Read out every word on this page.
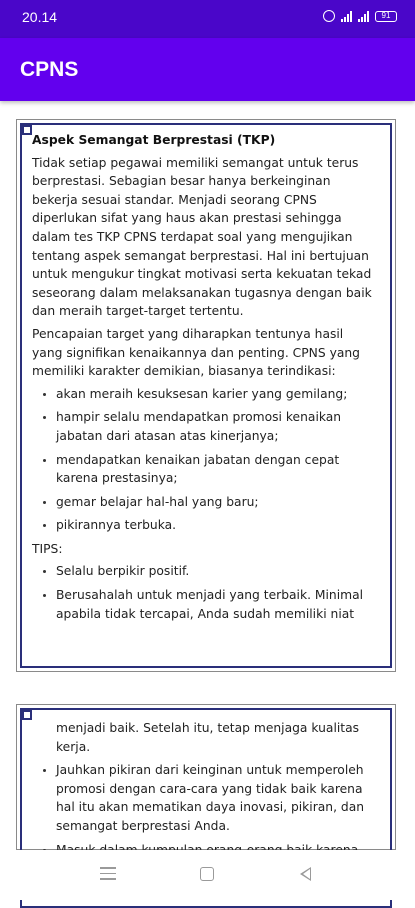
20.14	91
CPNS

Aspek Semangat Berprestasi (TKP)

Tidak setiap pegawai memiliki semangat untuk terus berprestasi. Sebagian besar hanya berkeinginan bekerja sesuai standar. Menjadi seorang CPNS diperlukan sifat yang haus akan prestasi sehingga dalam tes TKP CPNS terdapat soal yang mengujikan tentang aspek semangat berprestasi. Hal ini bertujuan untuk mengukur tingkat motivasi serta kekuatan tekad seseorang dalam melaksanakan tugasnya dengan baik dan meraih target-target tertentu.

Pencapaian target yang diharapkan tentunya hasil yang signifikan kenaikannya dan penting. CPNS yang memiliki karakter demikian, biasanya terindikasi:

akan meraih kesuksesan karier yang gemilang;
hampir selalu mendapatkan promosi kenaikan jabatan dari atasan atas kinerjanya;
mendapatkan kenaikan jabatan dengan cepat karena prestasinya;
gemar belajar hal-hal yang baru;
pikirannya terbuka.

TIPS:

Selalu berpikir positif.
Berusahalah untuk menjadi yang terbaik. Minimal apabila tidak tercapai, Anda sudah memiliki niat

menjadi baik. Setelah itu, tetap menjaga kualitas kerja.

Jauhkan pikiran dari keinginan untuk memperoleh promosi dengan cara-cara yang tidak baik karena hal itu akan mematikan daya inovasi, pikiran, dan semangat berprestasi Anda.
